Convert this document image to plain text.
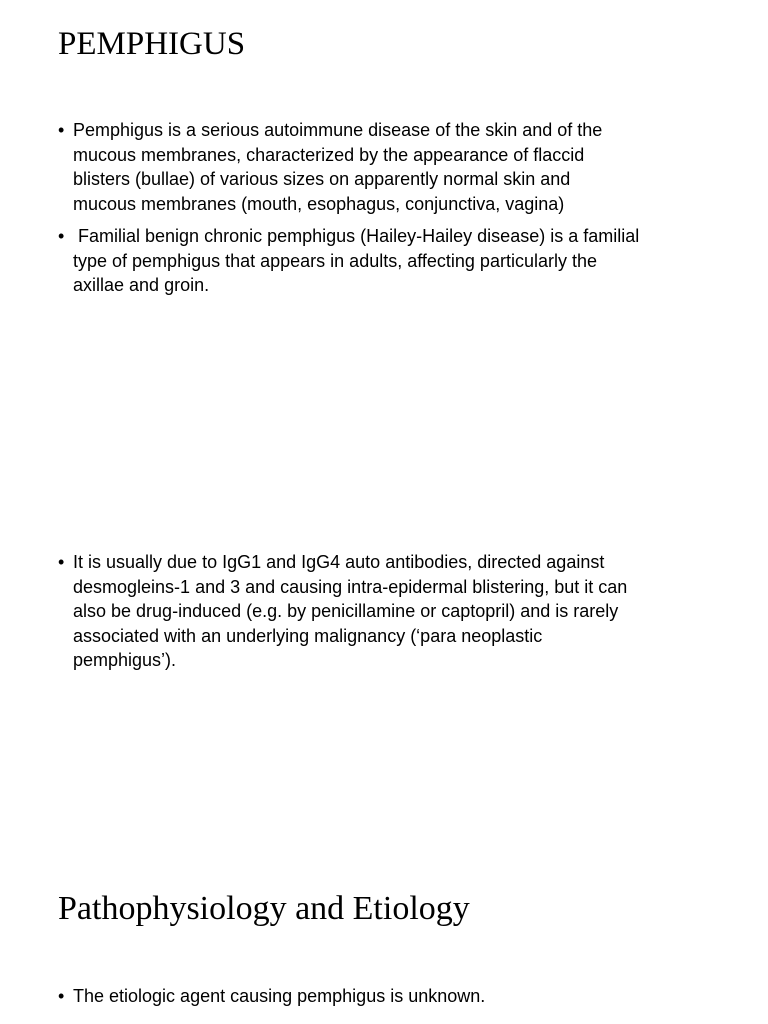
PEMPHIGUS
• Pemphigus is a serious autoimmune disease of the skin and of the
mucous membranes, characterized by the appearance of flaccid
blisters (bullae) of various sizes on apparently normal skin and
mucous membranes (mouth, esophagus, conjunctiva, vagina)
• Familial benign chronic pemphigus (Hailey-Hailey disease) is a familial
type of pemphigus that appears in adults, affecting particularly the
axillae and groin.
• It is usually due to IgG1 and IgG4 auto antibodies, directed against
desmogleins-1 and 3 and causing intra-epidermal blistering, but it can
also be drug-induced (e.g. by penicillamine or captopril) and is rarely
associated with an underlying malignancy (‘para neoplastic
pemphigus’).
Pathophysiology and Etiology
• The etiologic agent causing pemphigus is unknown.
